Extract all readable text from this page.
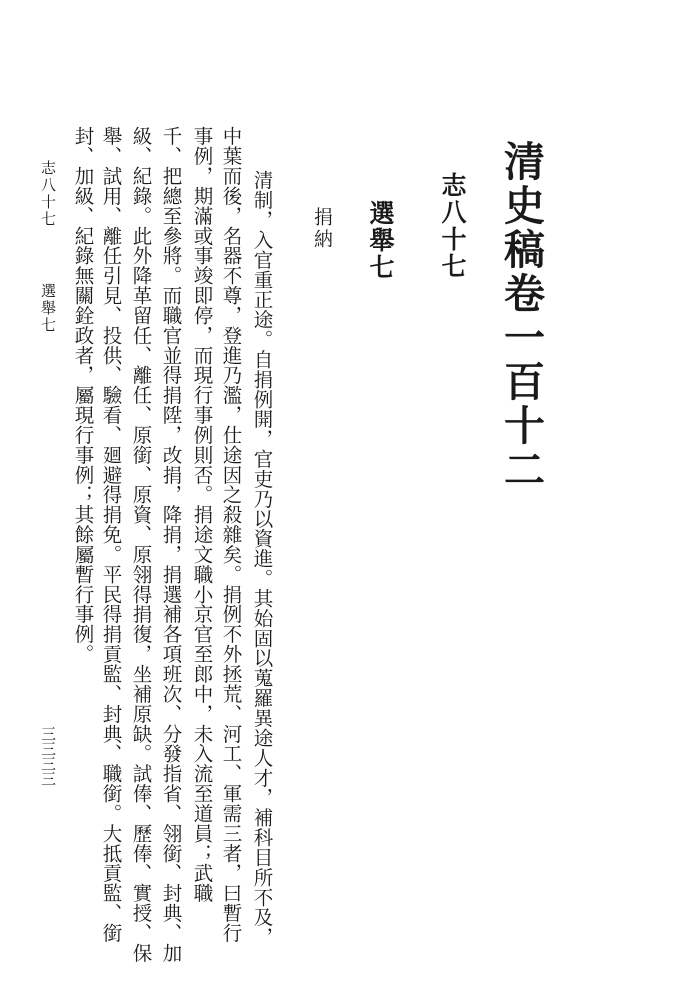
清史稿卷一百十二
志八十七
選舉七
捐納
清制，入官重正途。自捐例開，官吏乃以資進。其始固以蒐羅異途人才，補科目所不及，
中葉而後，名器不尊，登進乃濫，仕途因之殺雜矣。捐例不外拯荒、河工、軍需三者，曰暫行
事例，期滿或事竣即停，而現行事例則否。捐途文職小京官至郎中，未入流至道員；武職
千、把總至參將。而職官並得捐陞，改捐，降捐，捐選補各項班次、分發指省、翎銜、封典、加
級、紀錄。此外降革留任、離任、原銜、原資、原翎得捐復，坐補原缺。試俸、歷俸、實授、保
舉、試用、離任引見、投供、驗看、廻避得捐免。平民得捐貢監、封典、職銜。大抵貢監、銜
封、加級、紀錄無關銓政者，屬現行事例；其餘屬暫行事例。
志八十七選舉七
三三三三
